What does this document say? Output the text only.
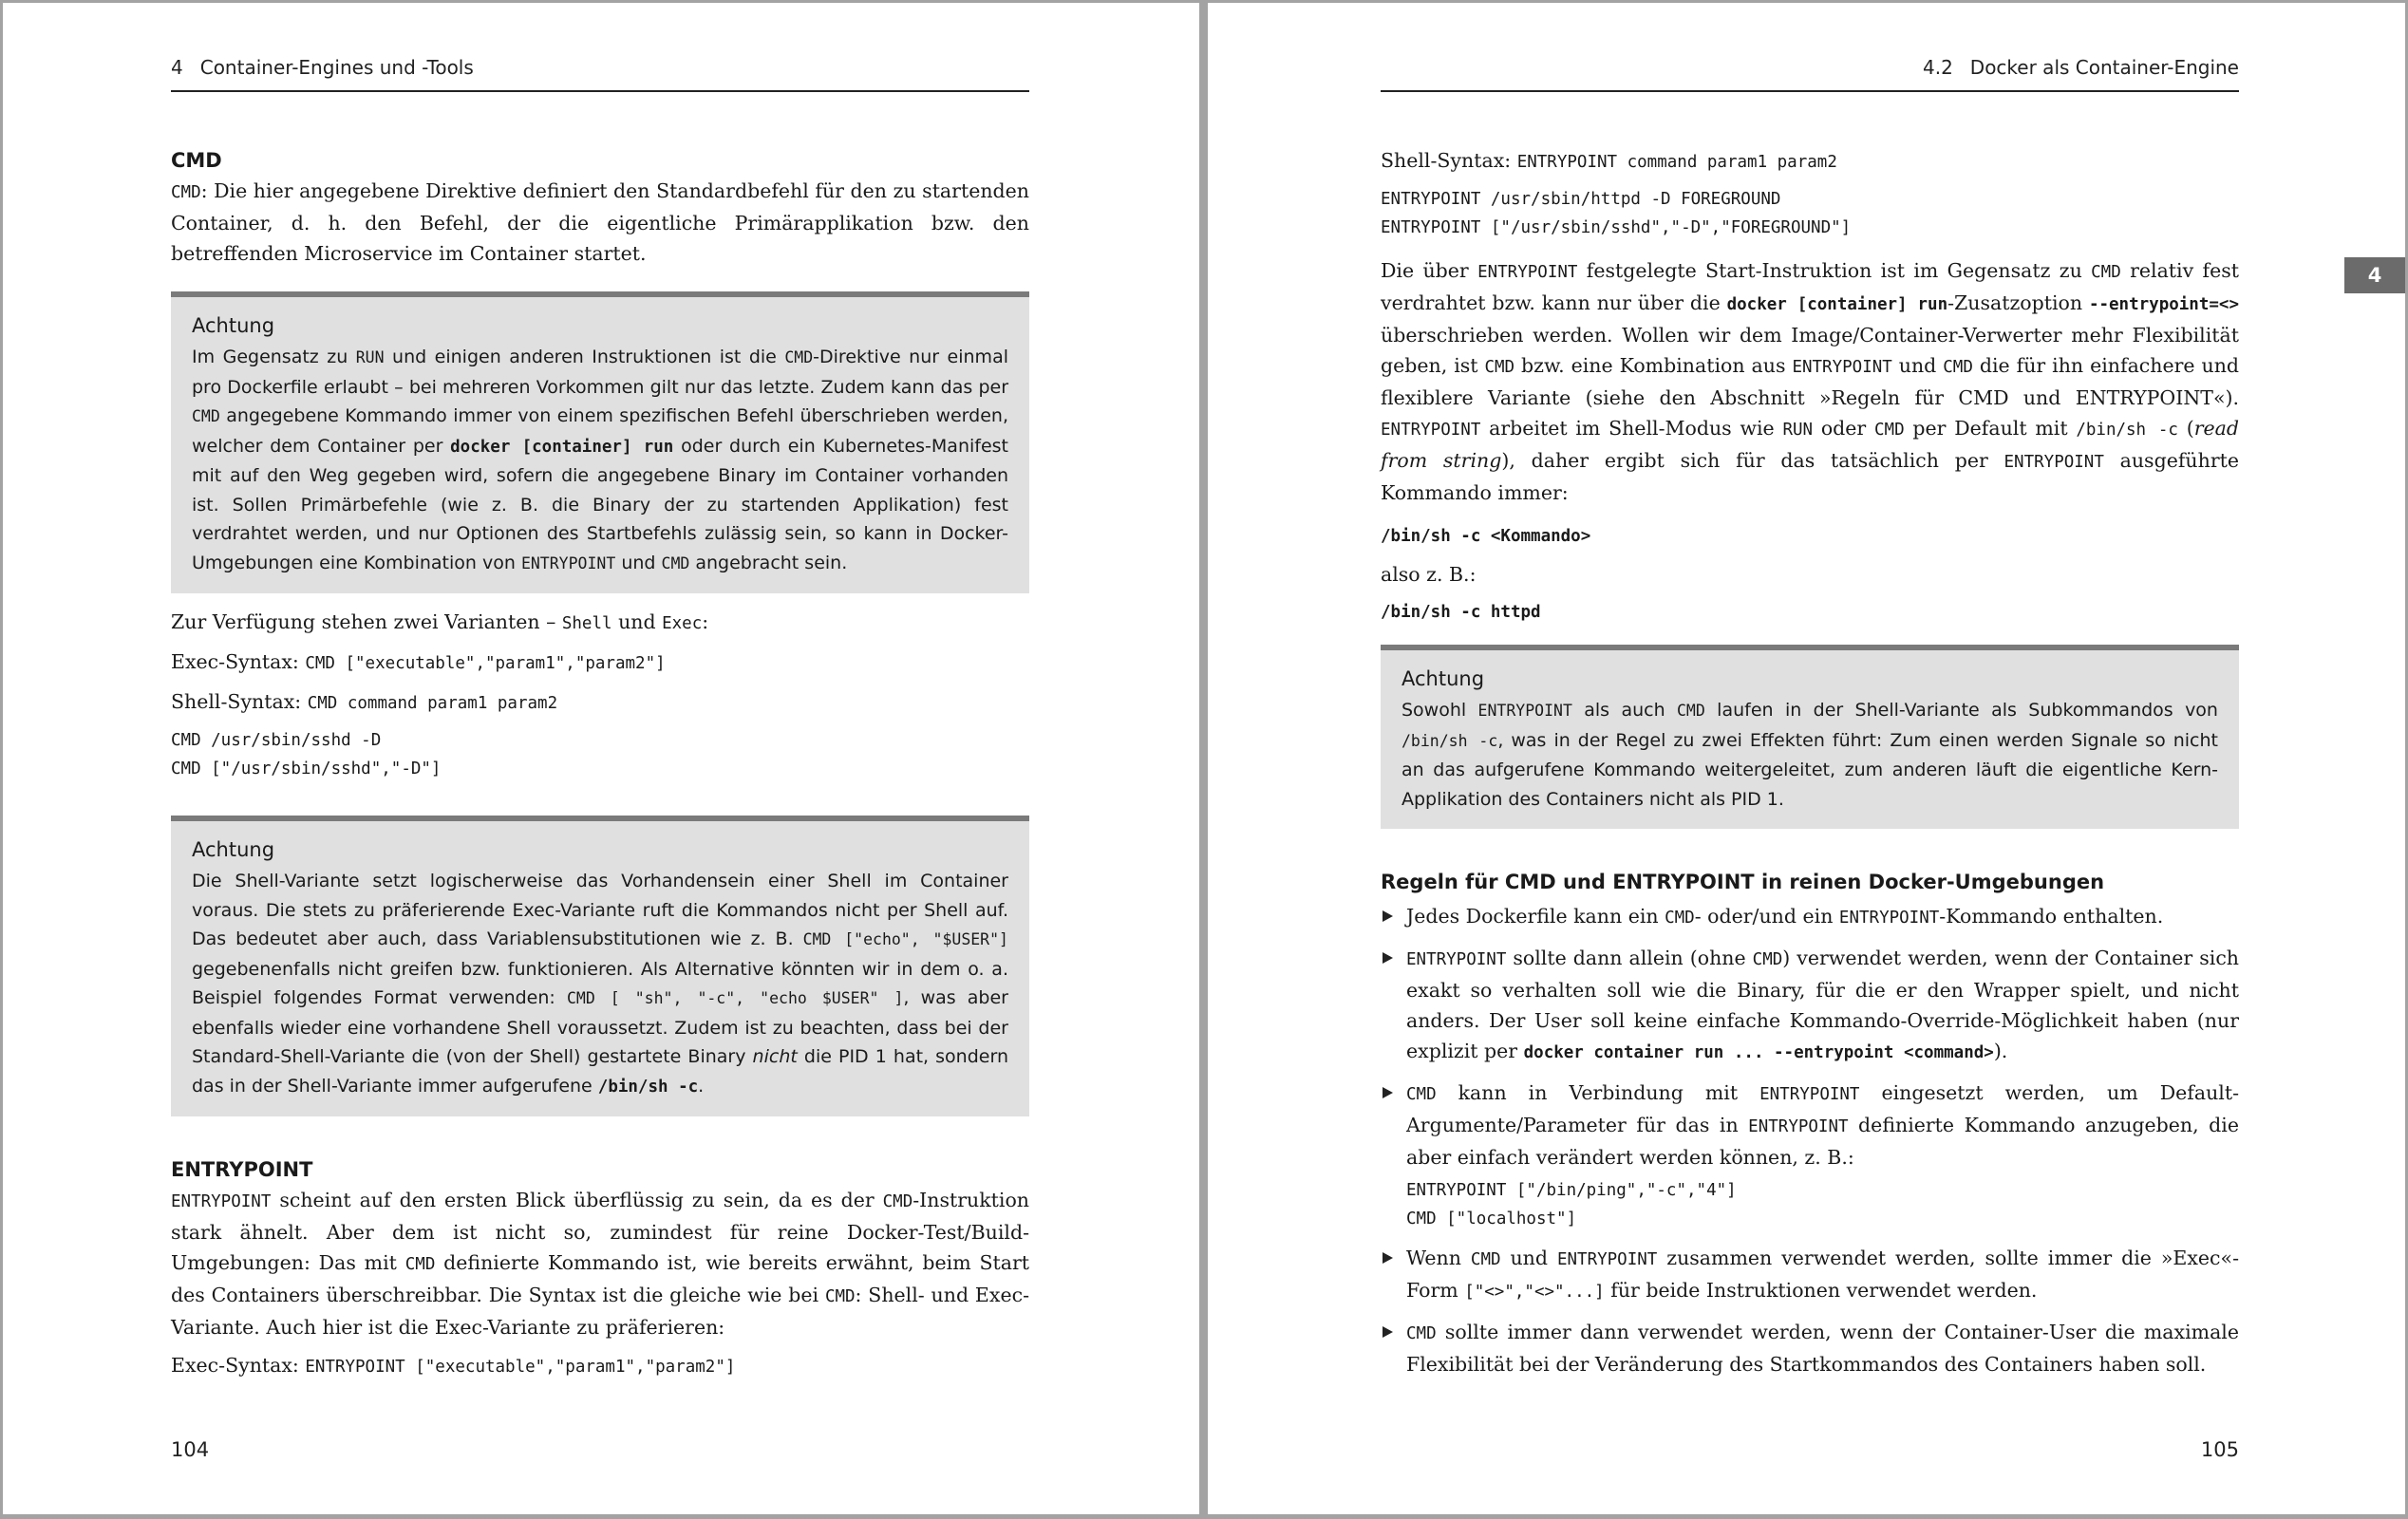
4 Container-Engines und -Tools
CMD

CMD: Die hier angegebene Direktive definiert den Standardbefehl für den zu startenden Container, d. h. den Befehl, der die eigentliche Primärapplikation bzw. den betreffenden Microservice im Container startet.

Achtung

Im Gegensatz zu RUN und einigen anderen Instruktionen ist die CMD-Direktive nur einmal pro Dockerfile erlaubt – bei mehreren Vorkommen gilt nur das letzte. Zudem kann das per CMD angegebene Kommando immer von einem spezifischen Befehl überschrieben werden, welcher dem Container per docker [container] run oder durch ein Kubernetes-Manifest mit auf den Weg gegeben wird, sofern die angegebene Binary im Container vorhanden ist. Sollen Primärbefehle (wie z. B. die Binary der zu startenden Applikation) fest verdrahtet werden, und nur Optionen des Startbefehls zulässig sein, so kann in Docker-Umgebungen eine Kombination von ENTRYPOINT und CMD angebracht sein.

Zur Verfügung stehen zwei Varianten – Shell und Exec:

Exec-Syntax: CMD ["executable","param1","param2"]

Shell-Syntax: CMD command param1 param2

CMD /usr/sbin/sshd -D
CMD ["/usr/sbin/sshd","-D"]
Achtung

Die Shell-Variante setzt logischerweise das Vorhandensein einer Shell im Container voraus. Die stets zu präferierende Exec-Variante ruft die Kommandos nicht per Shell auf. Das bedeutet aber auch, dass Variablensubstitutionen wie z. B. CMD ["echo", "$USER"] gegebenenfalls nicht greifen bzw. funktionieren. Als Alternative könnten wir in dem o. a. Beispiel folgendes Format verwenden: CMD [ "sh", "-c", "echo $USER" ], was aber ebenfalls wieder eine vorhandene Shell voraussetzt. Zudem ist zu beachten, dass bei der Standard-Shell-Variante die (von der Shell) gestartete Binary nicht die PID 1 hat, sondern das in der Shell-Variante immer aufgerufene /bin/sh -c.

ENTRYPOINT

ENTRYPOINT scheint auf den ersten Blick überflüssig zu sein, da es der CMD-Instruktion stark ähnelt. Aber dem ist nicht so, zumindest für reine Docker-Test/Build-Umgebungen: Das mit CMD definierte Kommando ist, wie bereits erwähnt, beim Start des Containers überschreibbar. Die Syntax ist die gleiche wie bei CMD: Shell- und Exec-Variante. Auch hier ist die Exec-Variante zu präferieren:

Exec-Syntax: ENTRYPOINT ["executable","param1","param2"]

104
4.2 Docker als Container-Engine
4

Shell-Syntax: ENTRYPOINT command param1 param2

ENTRYPOINT /usr/sbin/httpd -D FOREGROUND
ENTRYPOINT ["/usr/sbin/sshd","-D","FOREGROUND"]

Die über ENTRYPOINT festgelegte Start-Instruktion ist im Gegensatz zu CMD relativ fest verdrahtet bzw. kann nur über die docker [container] run-Zusatzoption --entrypoint=<> überschrieben werden. Wollen wir dem Image/Container-Verwerter mehr Flexibilität geben, ist CMD bzw. eine Kombination aus ENTRYPOINT und CMD die für ihn einfachere und flexiblere Variante (siehe den Abschnitt »Regeln für CMD und ENTRYPOINT«). ENTRYPOINT arbeitet im Shell-Modus wie RUN oder CMD per Default mit /bin/sh -c (read from string), daher ergibt sich für das tatsächlich per ENTRYPOINT ausgeführte Kommando immer:

/bin/sh -c <Kommando>

also z. B.:

/bin/sh -c httpd

Achtung

Sowohl ENTRYPOINT als auch CMD laufen in der Shell-Variante als Subkommandos von /bin/sh -c, was in der Regel zu zwei Effekten führt: Zum einen werden Signale so nicht an das aufgerufene Kommando weitergeleitet, zum anderen läuft die eigentliche Kern-Applikation des Containers nicht als PID 1.

Regeln für CMD und ENTRYPOINT in reinen Docker-Umgebungen
Jedes Dockerfile kann ein CMD- oder/und ein ENTRYPOINT-Kommando enthalten.
ENTRYPOINT sollte dann allein (ohne CMD) verwendet werden, wenn der Container sich exakt so verhalten soll wie die Binary, für die er den Wrapper spielt, und nicht anders. Der User soll keine einfache Kommando-Override-Möglichkeit haben (nur explizit per docker container run ... --entrypoint <command>).
CMD kann in Verbindung mit ENTRYPOINT eingesetzt werden, um Default-Argumente/Parameter für das in ENTRYPOINT definierte Kommando anzugeben, die aber einfach verändert werden können, z. B.:
ENTRYPOINT ["/bin/ping","-c","4"]
CMD ["localhost"]
Wenn CMD und ENTRYPOINT zusammen verwendet werden, sollte immer die »Exec«-Form ["<>","<>"...] für beide Instruktionen verwendet werden.
CMD sollte immer dann verwendet werden, wenn der Container-User die maximale Flexibilität bei der Veränderung des Startkommandos des Containers haben soll.
105
